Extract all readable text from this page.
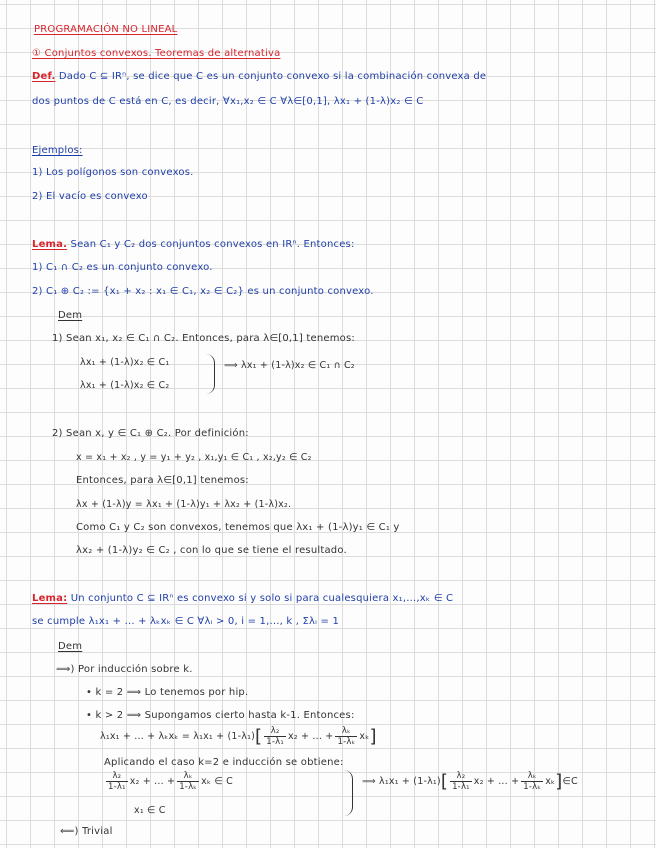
PROGRAMACIÓN NO LINEAL
① Conjuntos convexos. Teoremas de alternativa
Def. Dado C ⊆ IRⁿ, se dice que C es un conjunto convexo si la combinación convexa de
dos puntos de C está en C, es decir, ∀x₁,x₂ ∈ C ∀λ∈[0,1], λx₁ + (1-λ)x₂ ∈ C
Ejemplos:
1) Los polígonos son convexos.
2) El vacío es convexo
Lema. Sean C₁ y C₂ dos conjuntos convexos en IRⁿ. Entonces:
1) C₁ ∩ C₂ es un conjunto convexo.
2) C₁ ⊕ C₂ := {x₁ + x₂ : x₁ ∈ C₁, x₂ ∈ C₂} es un conjunto convexo.
Dem
1) Sean x₁, x₂ ∈ C₁ ∩ C₂. Entonces, para λ∈[0,1] tenemos:
λx₁ + (1-λ)x₂ ∈ C₁
λx₁ + (1-λ)x₂ ∈ C₂
⟹ λx₁ + (1-λ)x₂ ∈ C₁ ∩ C₂
2) Sean x, y ∈ C₁ ⊕ C₂. Por definición:
x = x₁ + x₂ , y = y₁ + y₂ , x₁,y₁ ∈ C₁ , x₂,y₂ ∈ C₂
Entonces, para λ∈[0,1] tenemos:
λx + (1-λ)y = λx₁ + (1-λ)y₁ + λx₂ + (1-λ)x₂.
Como C₁ y C₂ son convexos, tenemos que λx₁ + (1-λ)y₁ ∈ C₁ y
λx₂ + (1-λ)y₂ ∈ C₂ , con lo que se tiene el resultado.
Lema: Un conjunto C ⊆ IRⁿ es convexo si y solo si para cualesquiera x₁,...,xₖ ∈ C
se cumple λ₁x₁ + ... + λₖxₖ ∈ C ∀λᵢ > 0, i = 1,..., k , Σλᵢ = 1
Dem
⟹) Por inducción sobre k.
• k = 2 ⟹ Lo tenemos por hip.
• k > 2 ⟹ Supongamos cierto hasta k-1. Entonces:
λ₁x₁ + ... + $\lambda_kx_k = \lambda_1x_1 + (1-\lambda_1)[ \frac{\text{λ₂}}{\text{1-λ₁}} x_2$ + ... + $\frac{\text{λₖ}}{\text{1-λₖ}} x_k$]
Aplicando el caso k=2 e inducción se obtiene:
$\frac{\text{λ₂}}{\text{1-λ₁}} x_2$ + ... + $\frac{\text{λₖ}}{\text{1-λₖ}}$ xₖ ∈ C
x₁ ∈ C
⟹ $\lambda_1x_1 + (1-\lambda_1)[ \frac{\text{λ₂}}{\text{1-λ₁}} x_2$ + ... + $\frac{\text{λₖ}}{\text{1-λₖ}}$ xₖ]∈C
⟸) Trivial
